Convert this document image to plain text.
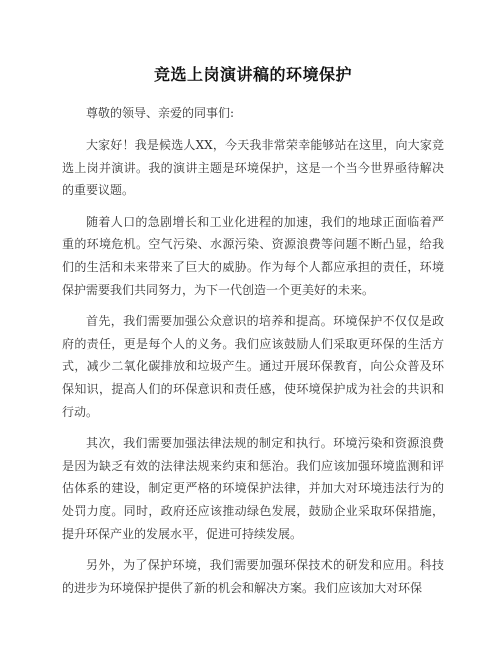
竞选上岗演讲稿的环境保护

尊敬的领导、亲爱的同事们:

大家好！我是候选人XX，今天我非常荣幸能够站在这里，向大家竞选上岗并演讲。我的演讲主题是环境保护，这是一个当今世界亟待解决的重要议题。

随着人口的急剧增长和工业化进程的加速，我们的地球正面临着严重的环境危机。空气污染、水源污染、资源浪费等问题不断凸显，给我们的生活和未来带来了巨大的威胁。作为每个人都应承担的责任，环境保护需要我们共同努力，为下一代创造一个更美好的未来。

首先，我们需要加强公众意识的培养和提高。环境保护不仅仅是政府的责任，更是每个人的义务。我们应该鼓励人们采取更环保的生活方式，减少二氧化碳排放和垃圾产生。通过开展环保教育，向公众普及环保知识，提高人们的环保意识和责任感，使环境保护成为社会的共识和行动。

其次，我们需要加强法律法规的制定和执行。环境污染和资源浪费是因为缺乏有效的法律法规来约束和惩治。我们应该加强环境监测和评估体系的建设，制定更严格的环境保护法律，并加大对环境违法行为的处罚力度。同时，政府还应该推动绿色发展，鼓励企业采取环保措施，提升环保产业的发展水平，促进可持续发展。

另外，为了保护环境，我们需要加强环保技术的研发和应用。科技的进步为环境保护提供了新的机会和解决方案。我们应该加大对环保
